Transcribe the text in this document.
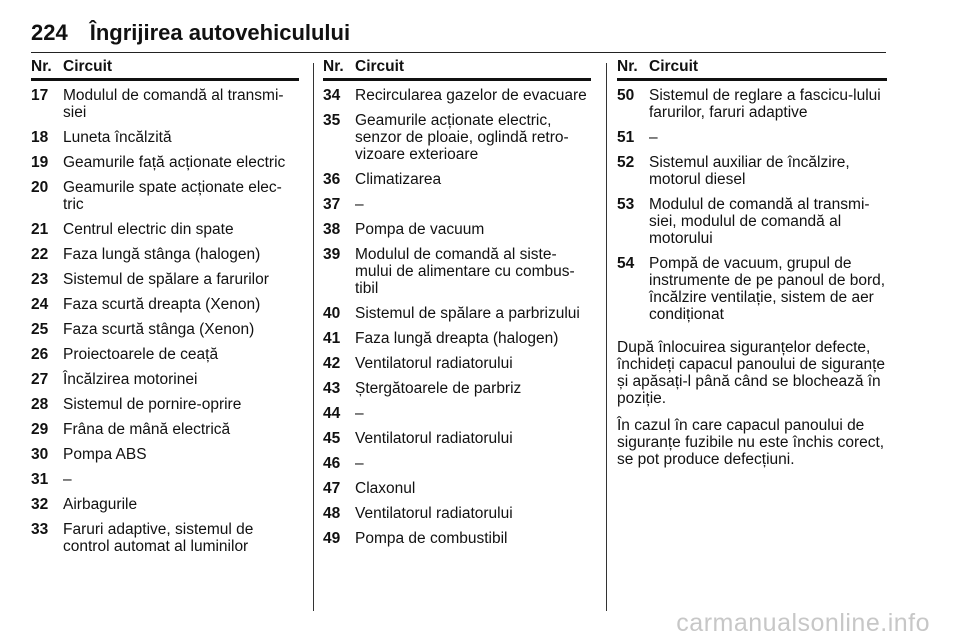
224 Îngrijirea autovehiculului
Nr. Circuit
17 Modulul de comandă al transmi-siei
18 Luneta încălzită
19 Geamurile față acționate electric
20 Geamurile spate acționate elec-tric
21 Centrul electric din spate
22 Faza lungă stânga (halogen)
23 Sistemul de spălare a farurilor
24 Faza scurtă dreapta (Xenon)
25 Faza scurtă stânga (Xenon)
26 Proiectoarele de ceață
27 Încălzirea motorinei
28 Sistemul de pornire-oprire
29 Frâna de mână electrică
30 Pompa ABS
31 –
32 Airbagurile
33 Faruri adaptive, sistemul de control automat al luminilor
Nr. Circuit
34 Recircularea gazelor de evacuare
35 Geamurile acționate electric, senzor de ploaie, oglindă retro-vizoare exterioare
36 Climatizarea
37 –
38 Pompa de vacuum
39 Modulul de comandă al siste-mului de alimentare cu combus-tibil
40 Sistemul de spălare a parbrizului
41 Faza lungă dreapta (halogen)
42 Ventilatorul radiatorului
43 Ștergătoarele de parbriz
44 –
45 Ventilatorul radiatorului
46 –
47 Claxonul
48 Ventilatorul radiatorului
49 Pompa de combustibil
Nr. Circuit
50 Sistemul de reglare a fascicu-lului farurilor, faruri adaptive
51 –
52 Sistemul auxiliar de încălzire, motorul diesel
53 Modulul de comandă al transmi-siei, modulul de comandă al motorului
54 Pompă de vacuum, grupul de instrumente de pe panoul de bord, încălzire ventilație, sistem de aer condiționat

După înlocuirea siguranțelor defecte, închideți capacul panoului de siguranțe și apăsați-l până când se blochează în poziție.

În cazul în care capacul panoului de siguranțe fuzibile nu este închis corect, se pot produce defecțiuni.

carmanualsonline.info
